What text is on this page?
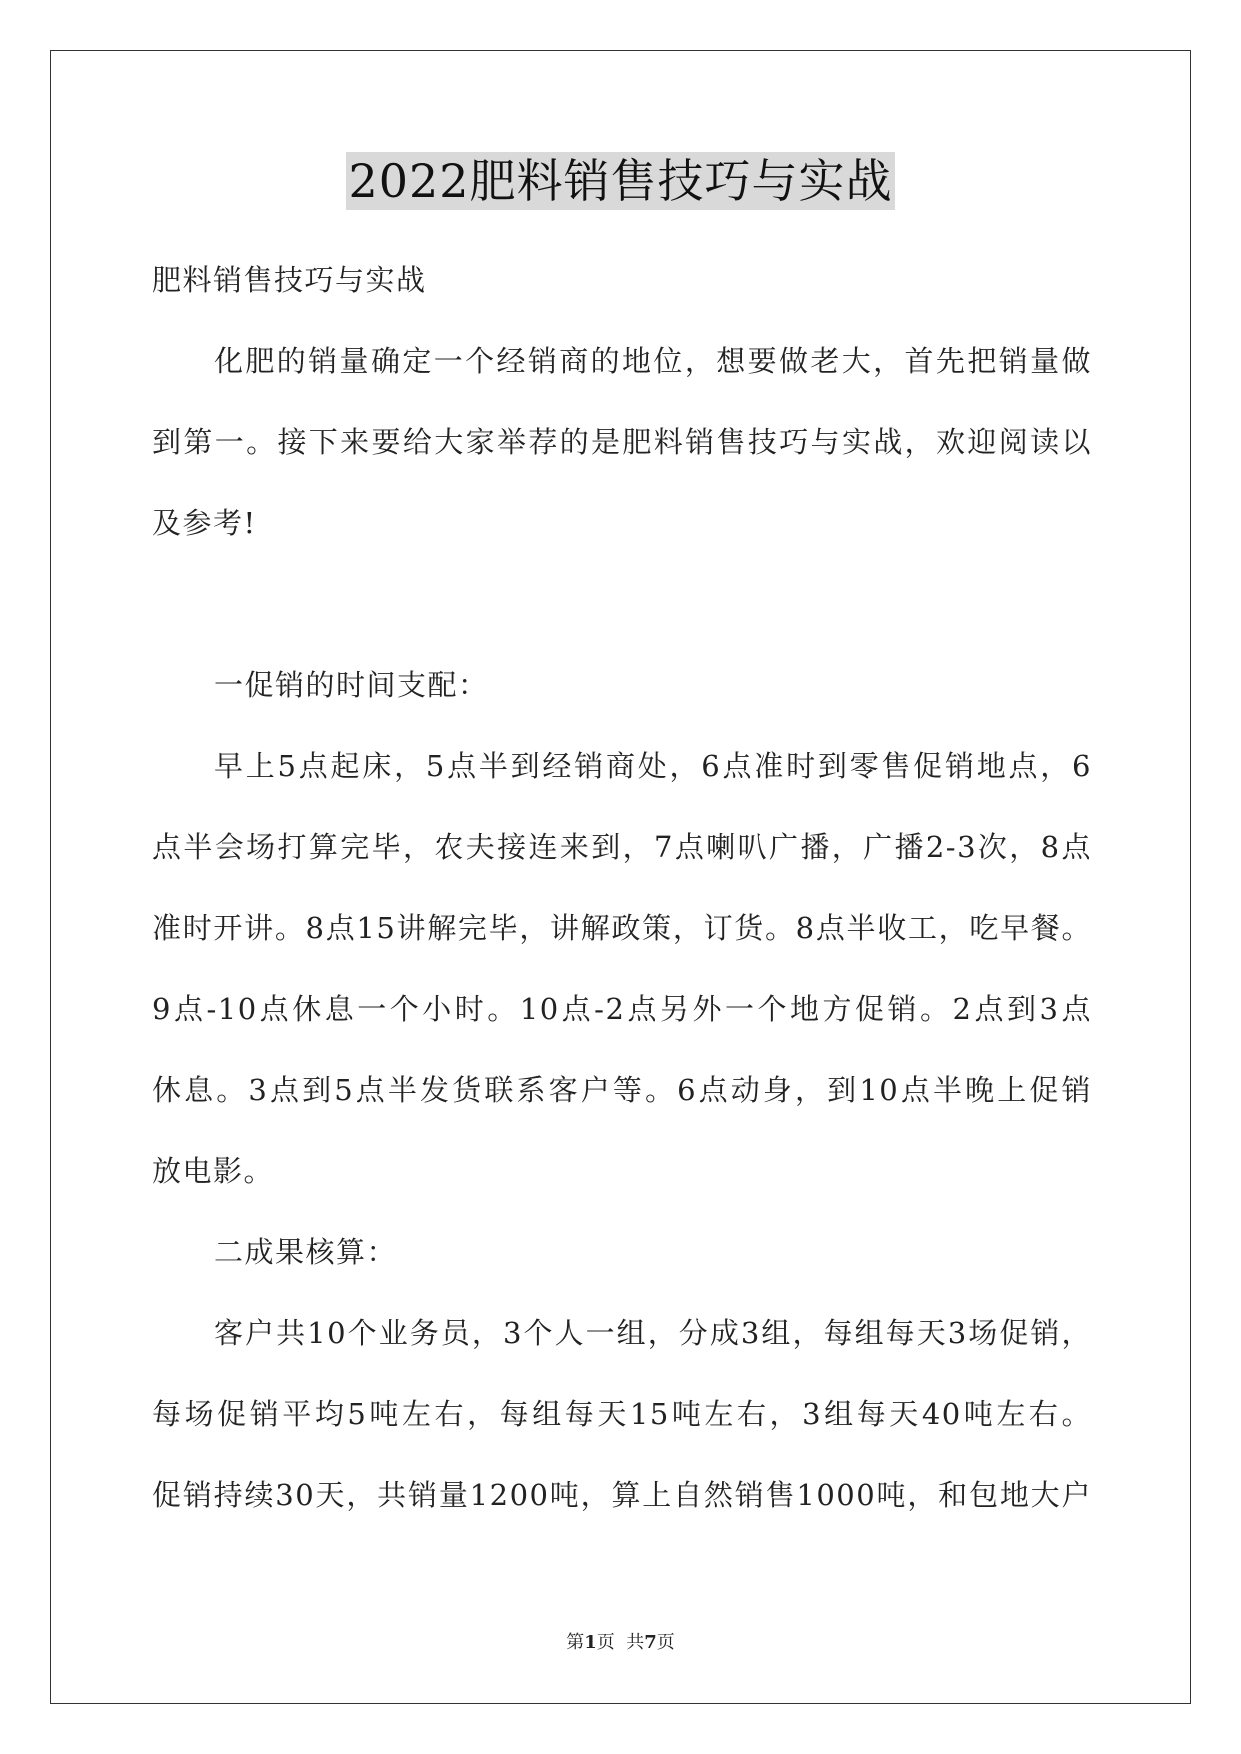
2022肥料销售技巧与实战
肥料销售技巧与实战
化肥的销量确定一个经销商的地位，想要做老大，首先把销量做
到第一。接下来要给大家举荐的是肥料销售技巧与实战，欢迎阅读以
及参考!
一促销的时间支配：
早上5点起床，5点半到经销商处，6点准时到零售促销地点，6
点半会场打算完毕，农夫接连来到，7点喇叭广播，广播2-3次，8点
准时开讲。8点15讲解完毕，讲解政策，订货。8点半收工，吃早餐。
9点-10点休息一个小时。10点-2点另外一个地方促销。2点到3点
休息。3点到5点半发货联系客户等。6点动身，到10点半晚上促销
放电影。
二成果核算：
客户共10个业务员，3个人一组，分成3组，每组每天3场促销，
每场促销平均5吨左右，每组每天15吨左右，3组每天40吨左右。
促销持续30天，共销量1200吨，算上自然销售1000吨，和包地大户
第1页  共7页
